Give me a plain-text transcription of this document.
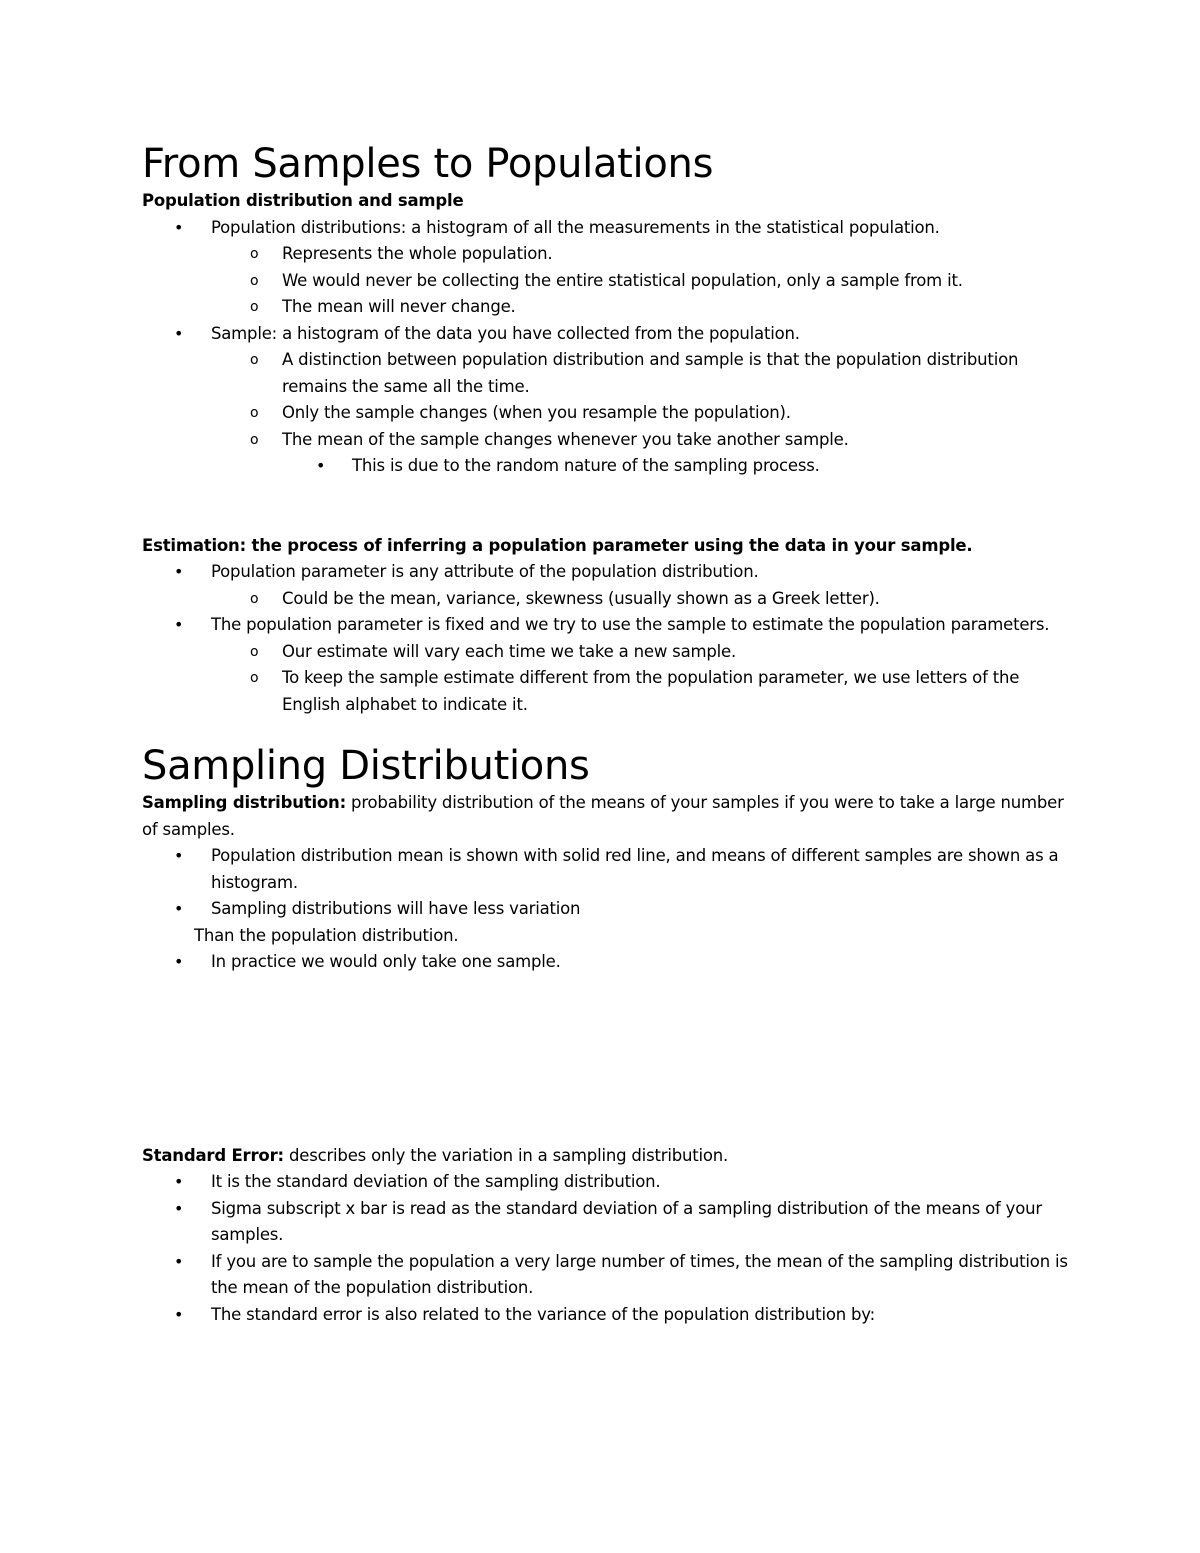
From Samples to Populations

Population distribution and sample

• Population distributions: a histogram of all the measurements in the statistical population.
o Represents the whole population.
o We would never be collecting the entire statistical population, only a sample from it.
o The mean will never change.
• Sample: a histogram of the data you have collected from the population.
o A distinction between population distribution and sample is that the population distribution remains the same all the time.
o Only the sample changes (when you resample the population).
o The mean of the sample changes whenever you take another sample.
• This is due to the random nature of the sampling process.

Estimation: the process of inferring a population parameter using the data in your sample.

• Population parameter is any attribute of the population distribution.
o Could be the mean, variance, skewness (usually shown as a Greek letter).
• The population parameter is fixed and we try to use the sample to estimate the population parameters.
o Our estimate will vary each time we take a new sample.
o To keep the sample estimate different from the population parameter, we use letters of the English alphabet to indicate it.
Sampling Distributions

Sampling distribution: probability distribution of the means of your samples if you were to take a large number of samples.

• Population distribution mean is shown with solid red line, and means of different samples are shown as a histogram.
• Sampling distributions will have less variation

Than the population distribution.

• In practice we would only take one sample.

Standard Error: describes only the variation in a sampling distribution.

• It is the standard deviation of the sampling distribution.
• Sigma subscript x bar is read as the standard deviation of a sampling distribution of the means of your samples.
• If you are to sample the population a very large number of times, the mean of the sampling distribution is the mean of the population distribution.
• The standard error is also related to the variance of the population distribution by:
